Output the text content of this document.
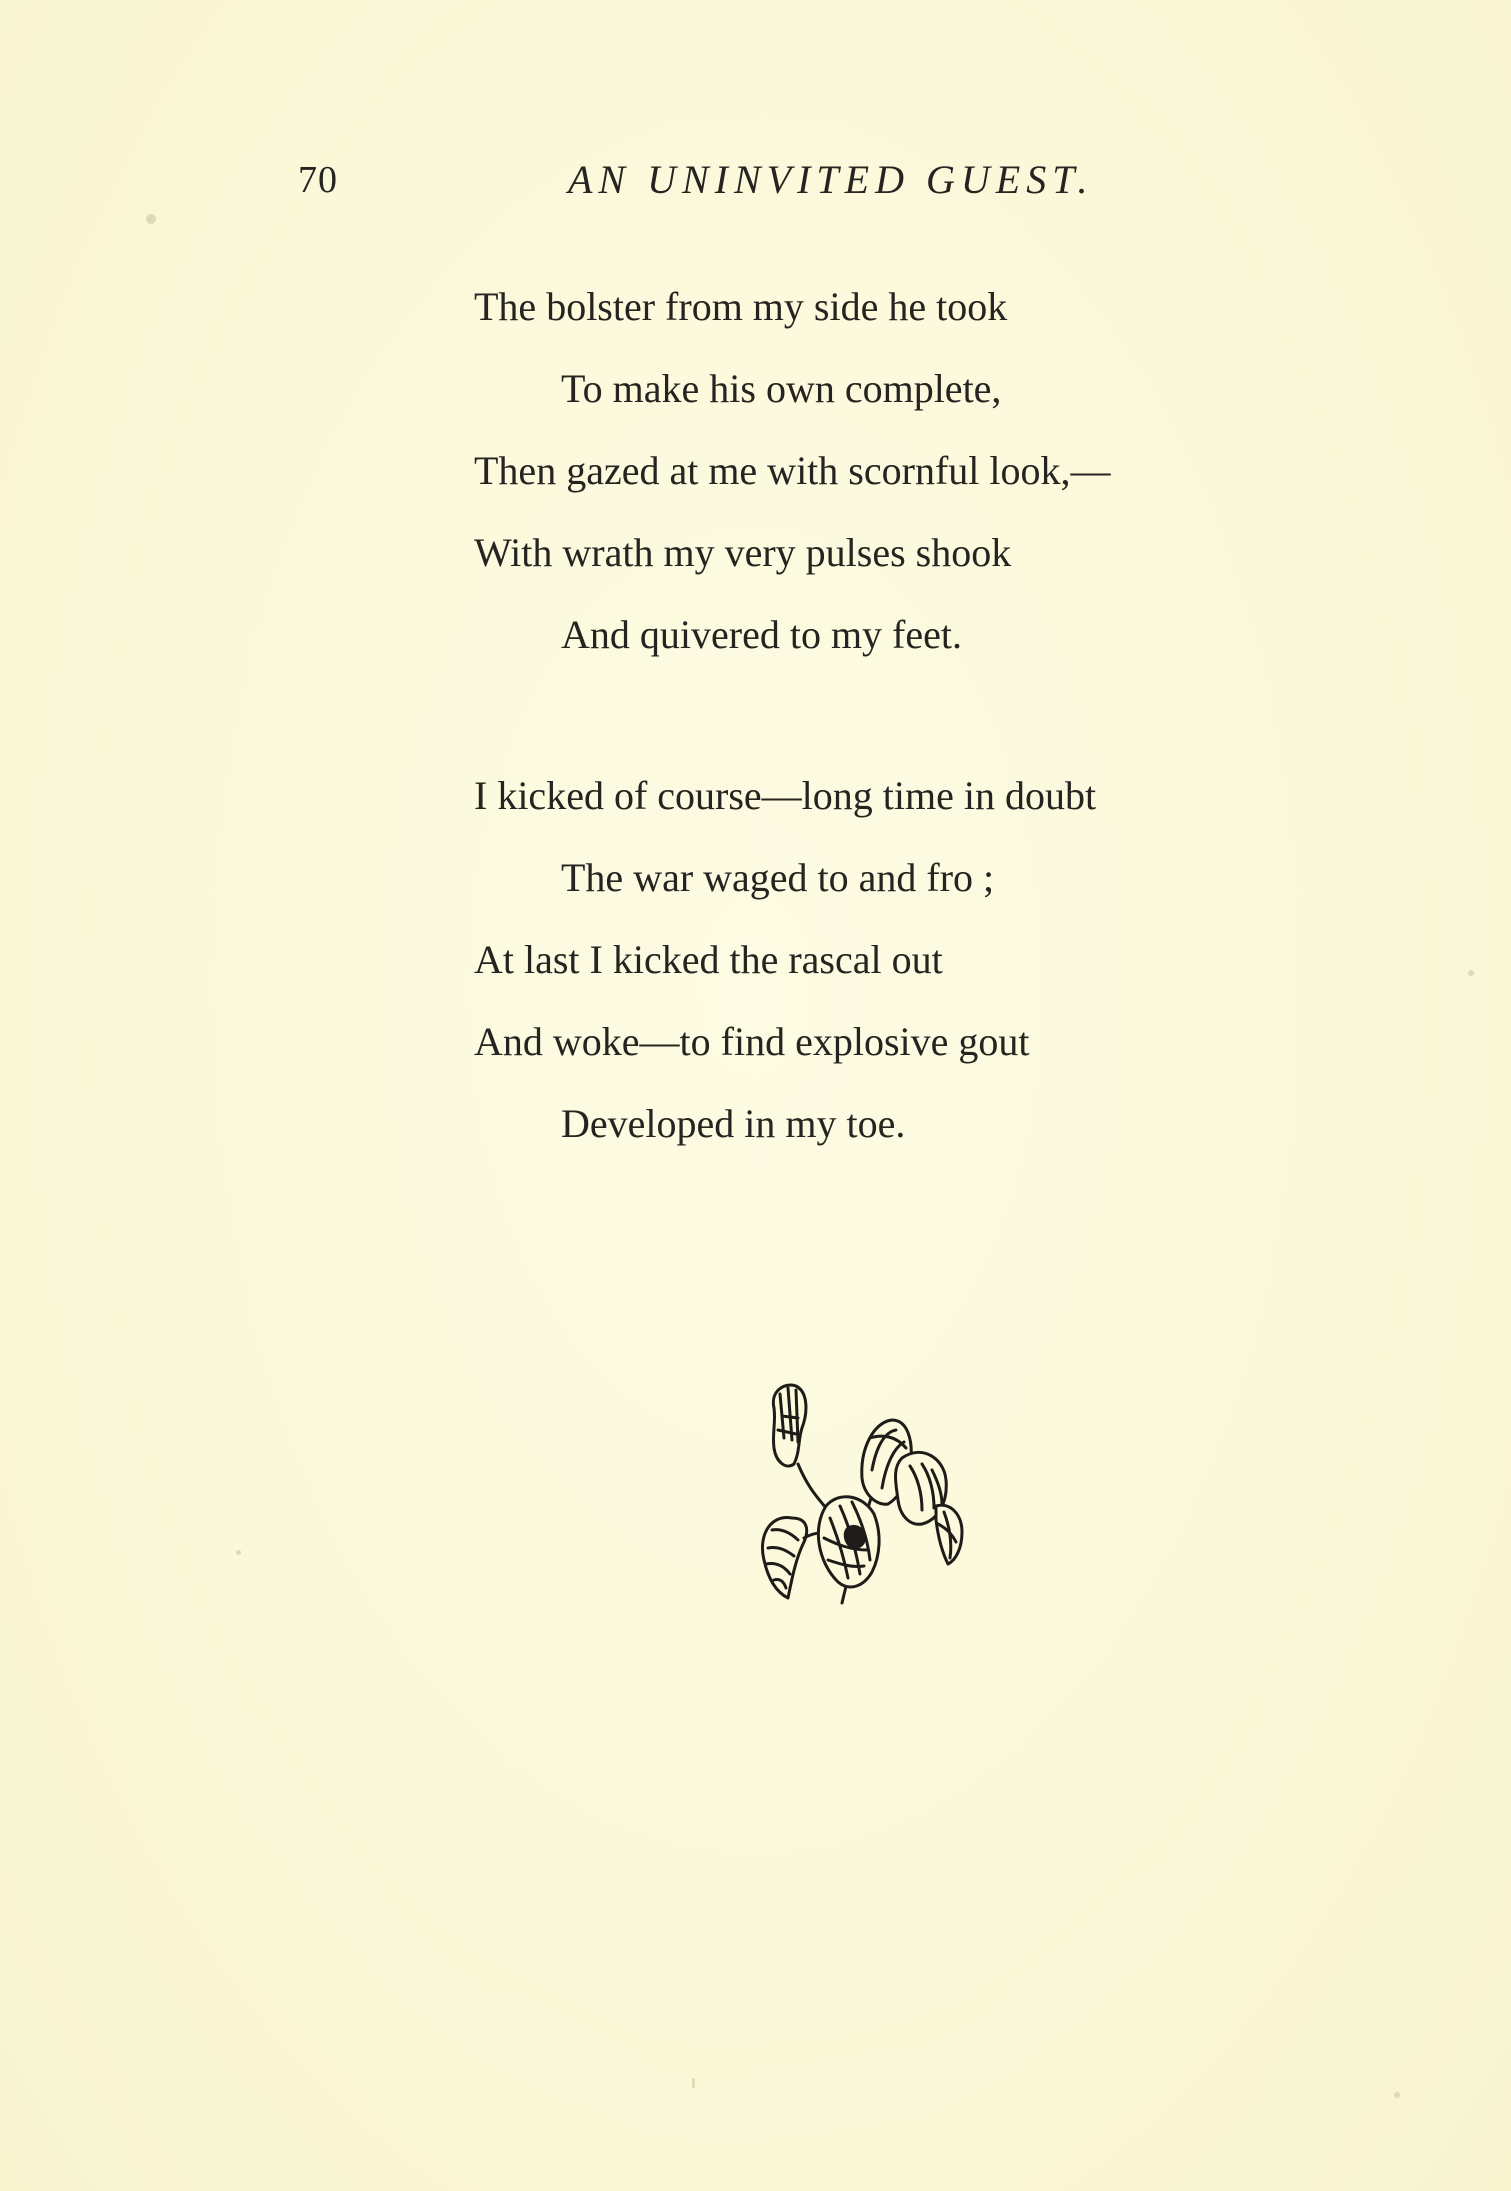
70	AN UNINVITED GUEST.
The bolster from my side he took
To make his own complete,
Then gazed at me with scornful look,—
With wrath my very pulses shook
And quivered to my feet.
I kicked of course—long time in doubt
The war waged to and fro ;
At last I kicked the rascal out
And woke—to find explosive gout
Developed in my toe.
